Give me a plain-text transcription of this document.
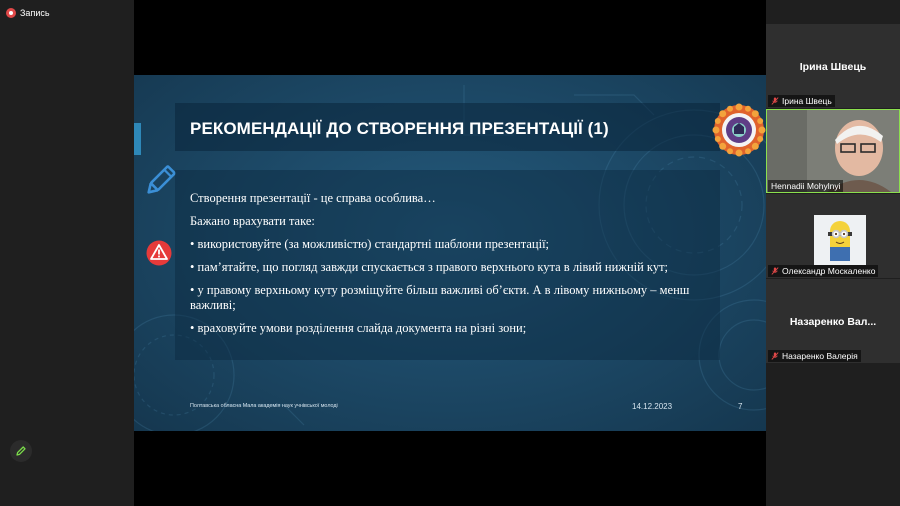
Запись
РЕКОМЕНДАЦІЇ ДО СТВОРЕННЯ ПРЕЗЕНТАЦІЇ (1)
Створення презентації - це справа особлива…
Бажано врахувати таке:
• використовуйте (за можливістю) стандартні шаблони презентації;
• пам’ятайте, що погляд завжди спускається з правого верхнього кута в лівий нижній кут;
• у правому верхньому куту розміщуйте більш важливі об’єкти. А в лівому нижньому – менш важливі;
• враховуйте умови розділення слайда документа на різні зони;
Полтавська обласна Мала академія наук учнівської молоді	14.12.2023	7
Ірина Швець
Ірина Швець
Hennadii Mohylnyi
Олександр Москаленко
Назаренко Вал...
Назаренко Валерія
